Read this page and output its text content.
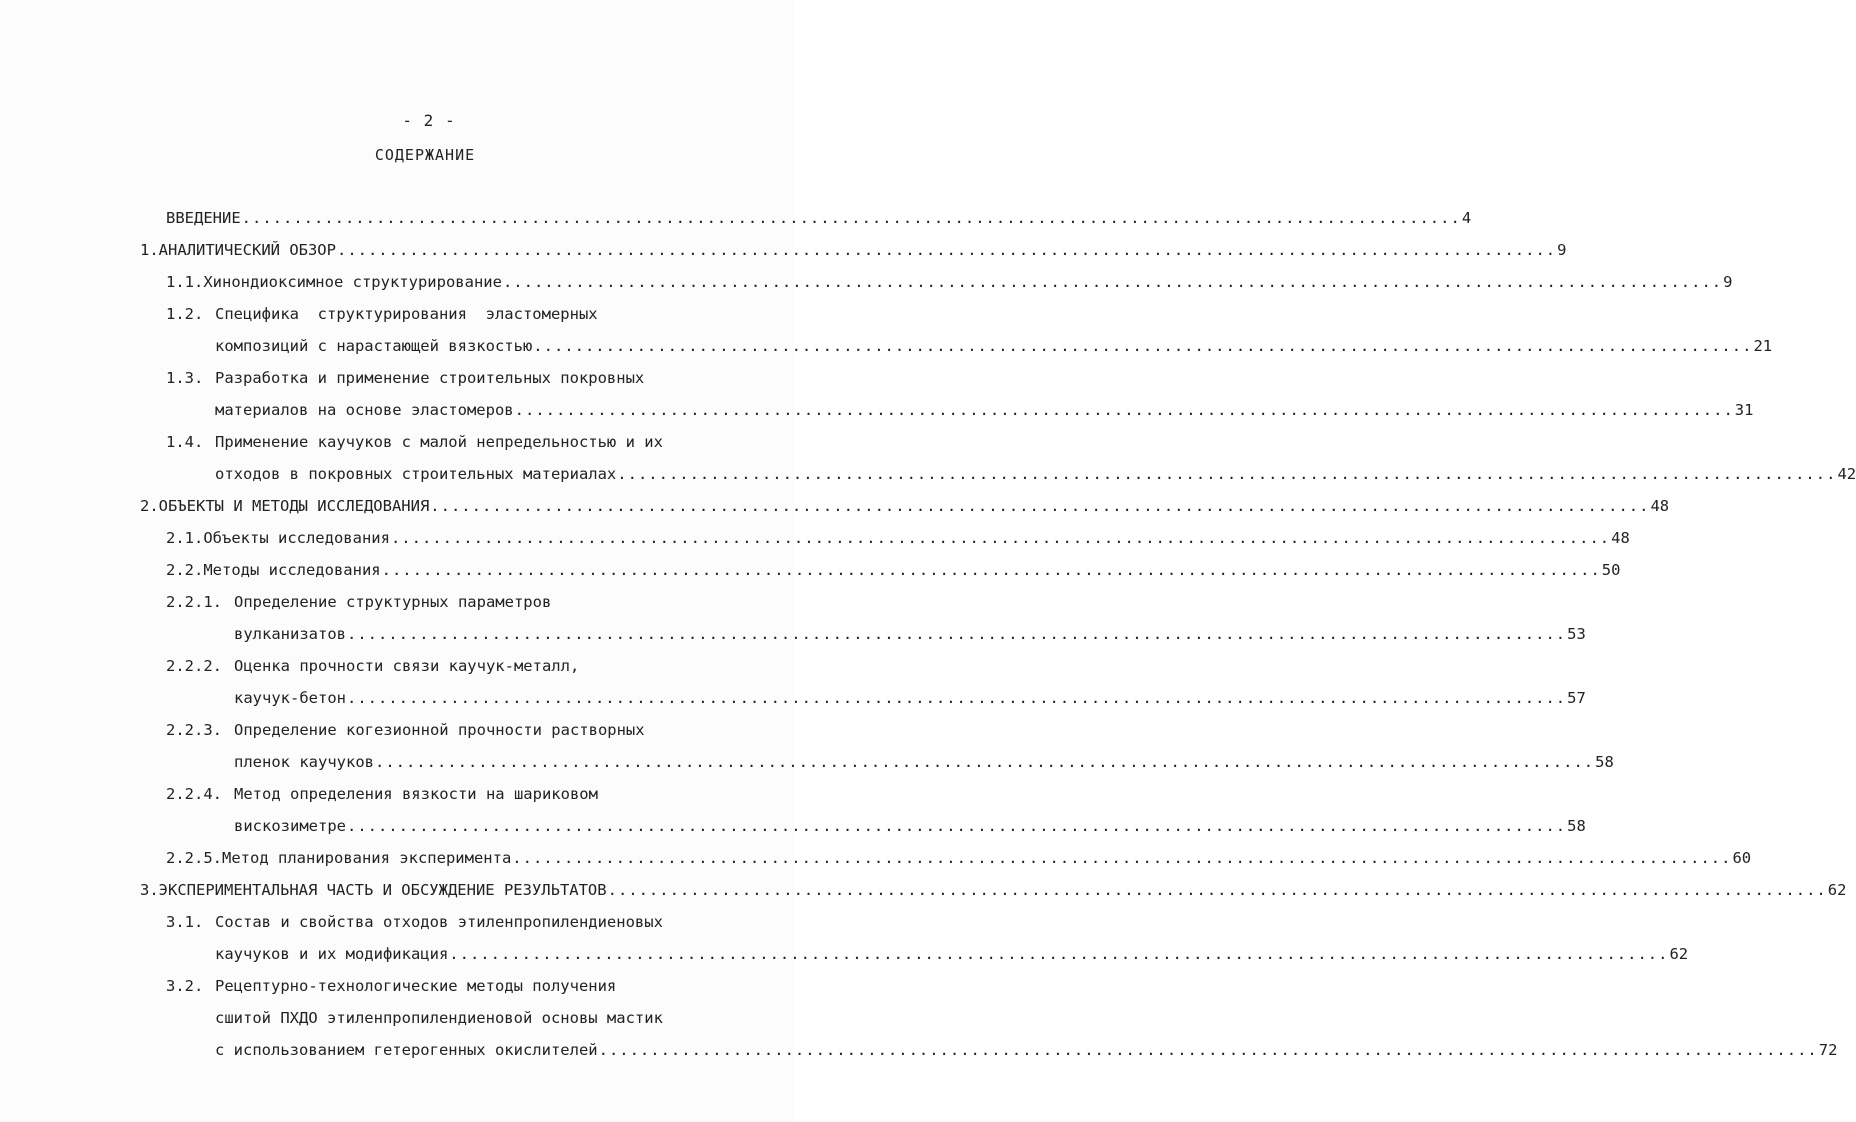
- 2 -
СОДЕРЖАНИЕ
ВВЕДЕНИЕ ...................................................................................................................... 4
1. АНАЛИТИЧЕСКИЙ ОБЗОР ...................................................................................................................... 9
1.1. Хинондиоксимное структурирование ...................................................................................................................... 9
1.2. Специфика  структурирования  эластомерных
композиций с нарастающей вязкостью ...................................................................................................................... 21
1.3. Разработка и применение строительных покровных
материалов на основе эластомеров ...................................................................................................................... 31
1.4. Применение каучуков с малой непредельностью и их
отходов в покровных строительных материалах ...................................................................................................................... 42
2. ОБЪЕКТЫ И МЕТОДЫ ИССЛЕДОВАНИЯ ...................................................................................................................... 48
2.1. Объекты исследования ...................................................................................................................... 48
2.2. Методы исследования ...................................................................................................................... 50
2.2.1. Определение структурных параметров
вулканизатов ...................................................................................................................... 53
2.2.2. Оценка прочности связи каучук-металл,
каучук-бетон ...................................................................................................................... 57
2.2.3. Определение когезионной прочности растворных
пленок каучуков ...................................................................................................................... 58
2.2.4. Метод определения вязкости на шариковом
вискозиметре ...................................................................................................................... 58
2.2.5. Метод планирования эксперимента ...................................................................................................................... 60
3. ЭКСПЕРИМЕНТАЛЬНАЯ ЧАСТЬ И ОБСУЖДЕНИЕ РЕЗУЛЬТАТОВ ...................................................................................................................... 62
3.1. Состав и свойства отходов этиленпропилендиеновых
каучуков и их модификация ...................................................................................................................... 62
3.2. Рецептурно-технологические методы получения
сшитой ПХДО этиленпропилендиеновой основы мастик
с использованием гетерогенных окислителей ...................................................................................................................... 72
